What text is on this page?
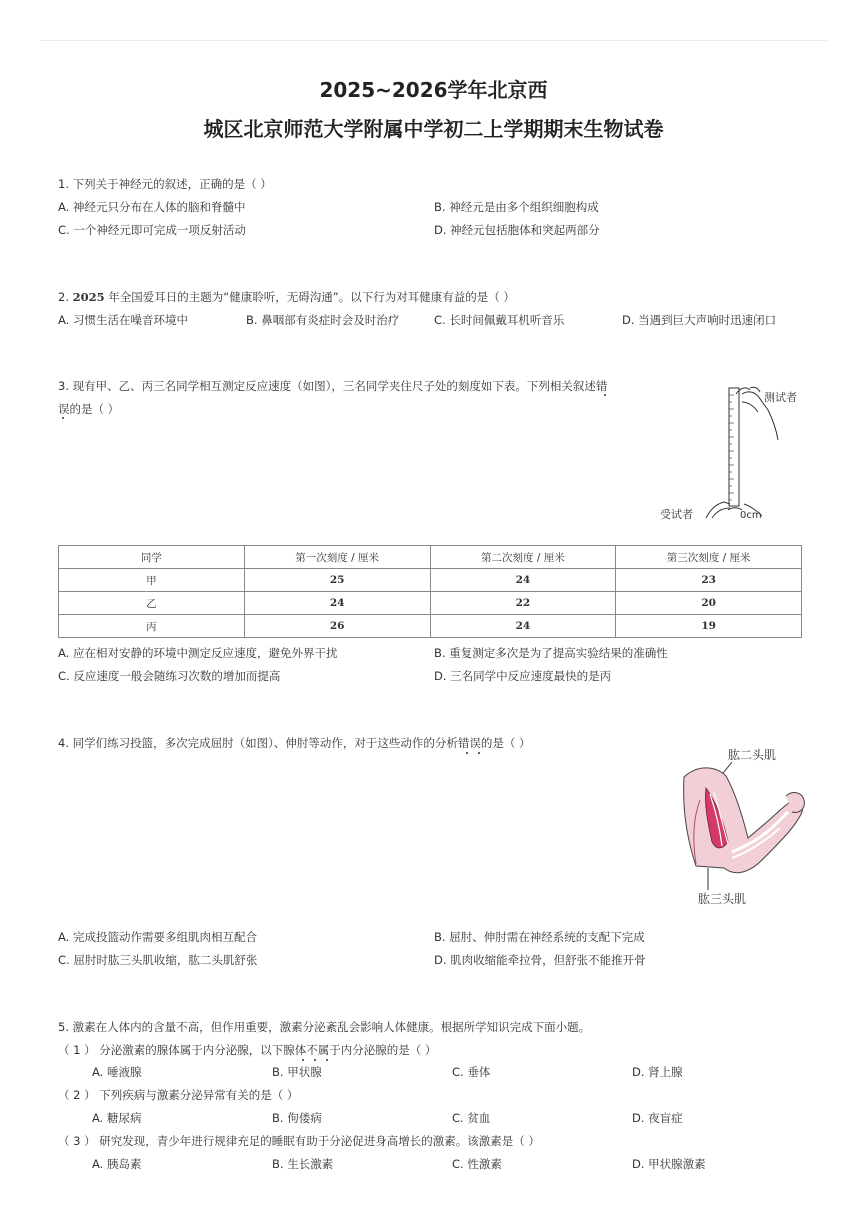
2025~2026学年北京西
城区北京师范大学附属中学初二上学期期末生物试卷
1. 下列关于神经元的叙述，正确的是（ ）
A. 神经元只分布在人体的脑和脊髓中	B. 神经元是由多个组织细胞构成
C. 一个神经元即可完成一项反射活动	D. 神经元包括胞体和突起两部分
2. 2025 年全国爱耳日的主题为“健康聆听，无碍沟通”。以下行为对耳健康有益的是（ ）
A. 习惯生活在噪音环境中	B. 鼻咽部有炎症时会及时治疗	C. 长时间佩戴耳机听音乐	D. 当遇到巨大声响时迅速闭口
3. 现有甲、乙、丙三名同学相互测定反应速度（如图），三名同学夹住尺子处的刻度如下表。下列相关叙述错
误的是（ ）
测试者
受试者	0cm
同学	第一次刻度 / 厘米	第二次刻度 / 厘米	第三次刻度 / 厘米
甲	25	24	23
乙	24	22	20
丙	26	24	19
A. 应在相对安静的环境中测定反应速度，避免外界干扰	B. 重复测定多次是为了提高实验结果的准确性
C. 反应速度一般会随练习次数的增加而提高	D. 三名同学中反应速度最快的是丙
4. 同学们练习投篮，多次完成屈肘（如图）、伸肘等动作，对于这些动作的分析错误的是（ ）
肱二头肌
肱三头肌
A. 完成投篮动作需要多组肌肉相互配合	B. 屈肘、伸肘需在神经系统的支配下完成
C. 屈肘时肱三头肌收缩，肱二头肌舒张	D. 肌肉收缩能牵拉骨，但舒张不能推开骨
5. 激素在人体内的含量不高，但作用重要，激素分泌紊乱会影响人体健康。根据所学知识完成下面小题。
（ 1 ） 分泌激素的腺体属于内分泌腺，以下腺体不属于内分泌腺的是（ ）
A. 唾液腺	B. 甲状腺	C. 垂体	D. 肾上腺
（ 2 ） 下列疾病与激素分泌异常有关的是（ ）
A. 糖尿病	B. 佝偻病	C. 贫血	D. 夜盲症
（ 3 ） 研究发现，青少年进行规律充足的睡眠有助于分泌促进身高增长的激素。该激素是（ ）
A. 胰岛素	B. 生长激素	C. 性激素	D. 甲状腺激素
